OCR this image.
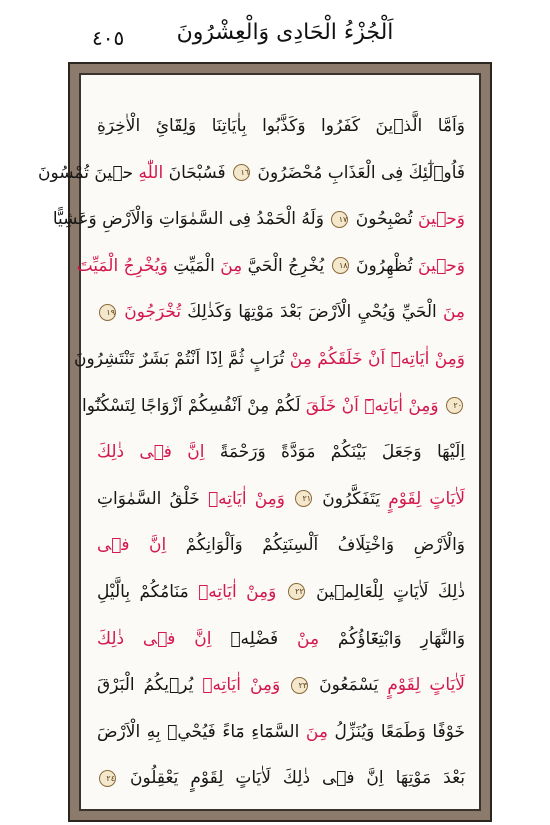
اَلْجُزْءُ الْحَادِى وَالْعِشْرُونَ
٤٠٥
وَاَمَّا الَّذٖينَ كَفَرُوا وَكَذَّبُوا بِاٰيَاتِنَا وَلِقَٓائِ الْاٰخِرَةِ
فَاُو۬لٰٓئِكَ فِى الْعَذَابِ مُحْضَرُونَ ١٦ فَسُبْحَانَ اللّٰهِ حٖينَ تُمْسُونَ
وَحٖينَ تُصْبِحُونَ ١٧ وَلَهُ الْحَمْدُ فِى السَّمٰوَاتِ وَالْاَرْضِ وَعَشِيًّا
وَحٖينَ تُظْهِرُونَ ١٨ يُخْرِجُ الْحَيَّ مِنَ الْمَيِّتِ وَيُخْرِجُ الْمَيِّتَ
مِنَ الْحَيِّ وَيُحْيِ الْاَرْضَ بَعْدَ مَوْتِهَا وَكَذٰلِكَ تُخْرَجُونَ ١٩
وَمِنْ اٰيَاتِهٖٓ اَنْ خَلَقَكُمْ مِنْ تُرَابٍ ثُمَّ اِذَٓا اَنْتُمْ بَشَرٌ تَنْتَشِرُونَ
٢٠ وَمِنْ اٰيَاتِهٖٓ اَنْ خَلَقَ لَكُمْ مِنْ اَنْفُسِكُمْ اَزْوَاجًا لِتَسْكُنُٓوا
اِلَيْهَا وَجَعَلَ بَيْنَكُمْ مَوَدَّةً وَرَحْمَةً اِنَّ فٖى ذٰلِكَ
لَاٰيَاتٍ لِقَوْمٍ يَتَفَكَّرُونَ ٢١ وَمِنْ اٰيَاتِهٖ خَلْقُ السَّمٰوَاتِ
وَالْاَرْضِ وَاخْتِلَافُ اَلْسِنَتِكُمْ وَاَلْوَانِكُمْ اِنَّ فٖى
ذٰلِكَ لَاٰيَاتٍ لِلْعَالِمٖينَ ٢٢ وَمِنْ اٰيَاتِهٖ مَنَامُكُمْ بِالَّيْلِ
وَالنَّهَارِ وَابْتِغَٓاؤُكُمْ مِنْ فَضْلِهٖ اِنَّ فٖى ذٰلِكَ
لَاٰيَاتٍ لِقَوْمٍ يَسْمَعُونَ ٢٣ وَمِنْ اٰيَاتِهٖ يُرٖيكُمُ الْبَرْقَ
خَوْفًا وَطَمَعًا وَيُنَزِّلُ مِنَ السَّمَٓاءِ مَٓاءً فَيُحْيٖ بِهِ الْاَرْضَ
بَعْدَ مَوْتِهَا اِنَّ فٖى ذٰلِكَ لَاٰيَاتٍ لِقَوْمٍ يَعْقِلُونَ ٢٤
